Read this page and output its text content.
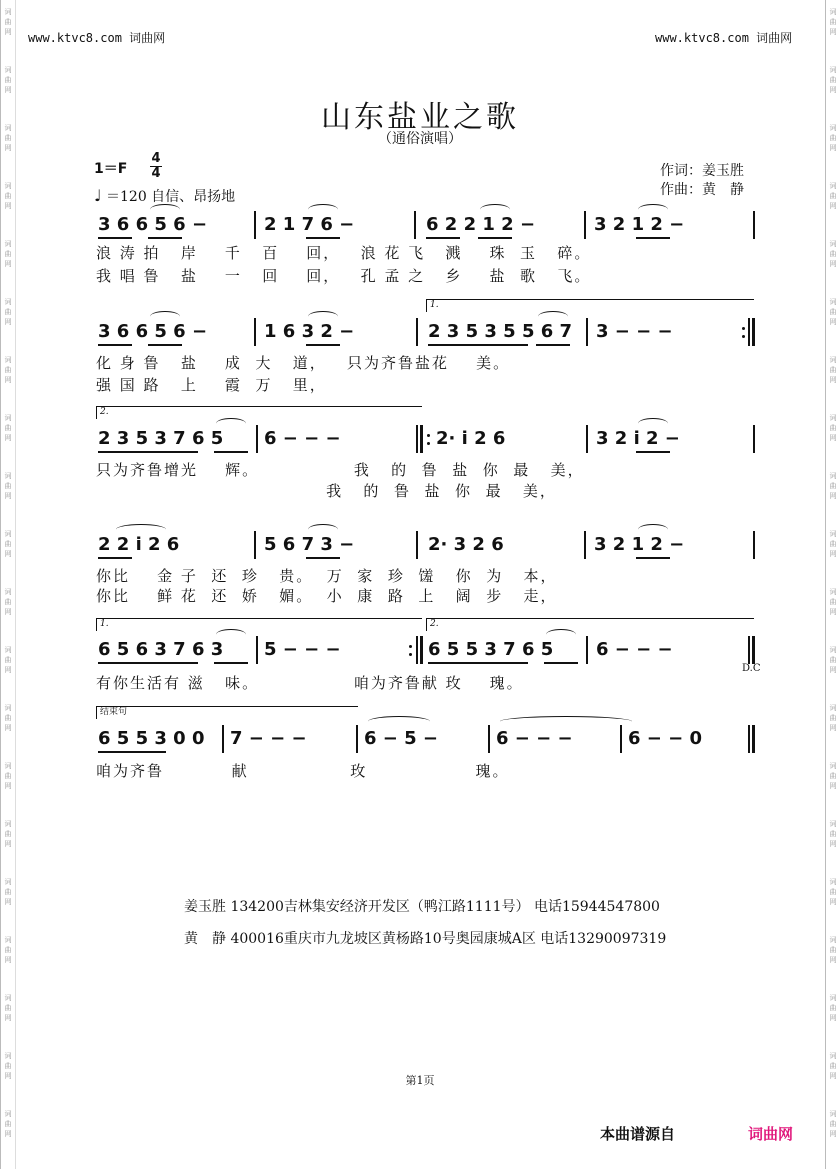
词
曲
网
词
曲
网
词
曲
网
词
曲
网
词
曲
网
词
曲
网
词
曲
网
词
曲
网
词
曲
网
词
曲
网
词
曲
网
词
曲
网
词
曲
网
词
曲
网
词
曲
网
词
曲
网
词
曲
网
词
曲
网
词
曲
网
词
曲
网
词
曲
网
词
曲
网
词
曲
网
词
曲
网
词
曲
网
词
曲
网
词
曲
网
词
曲
网
词
曲
网
词
曲
网
词
曲
网
词
曲
网
词
曲
网
词
曲
网
词
曲
网
词
曲
网
词
曲
网
词
曲
网
词
曲
网
词
曲
网
www.ktvc8.com 词曲网	www.ktvc8.com 词曲网
山东盐业之歌
（通俗演唱）
1＝F
4
4
♩ ＝120 自信、昂扬地
作词：姜玉胜
作曲：黄　静
3 6 6 5 6 −	2 1 7 6 −	6 2 2 1 2 −	3 2 1 2 −
浪 涛 拍   岸    千   百    回，   浪 花 飞   溅    珠  玉   碎。
我 唱 鲁   盐    一   回    回，   孔 孟 之   乡    盐  歌   飞。
1.
3 6 6 5 6 −	1 6 3 2 −	2 3 5 3 5 5 6 7 3 − − −
化 身 鲁   盐    成  大   道，   只为齐鲁盐花    美。
强 国 路   上    霞  万   里，
2.
2 3 5 3 7 6 5 6 − − −	2· i 2 6	3 2 i 2 −
只为齐鲁增光    辉。              我   的  鲁  盐  你  最   美，
我   的  鲁  盐  你  最   美，
2 2 i 2 6	5 6 7 3 −	2· 3 2 6	3 2 1 2 −
你比    金 子  还  珍   贵。  万  家  珍  馐   你  为   本，
你比    鲜 花  还  娇   媚。  小  康  路  上   阔  步   走，
1.	2.
6 5 6 3 7 6 3 5 − − −	6 5 5 3 7 6 5 6 − − −
D.C
有你生活有 滋   味。              咱为齐鲁献 玫    瑰。
结束句
6 5 5 3 0 0 7 − − −	6 − 5 −	6 − − −	6 − − 0
咱为齐鲁          献               玫                瑰。
姜玉胜 134200吉林集安经济开发区（鸭江路1111号） 电话15944547800
黄　静 400016重庆市九龙坡区黄杨路10号奥园康城A区 电话13290097319
第1页
本曲谱源自	词曲网
